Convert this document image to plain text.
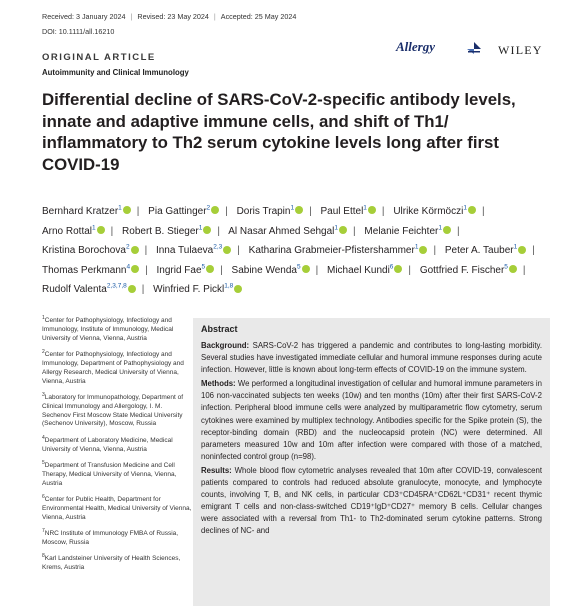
Received: 3 January 2024 | Revised: 23 May 2024 | Accepted: 25 May 2024
DOI: 10.1111/all.16210
ORIGINAL ARTICLE
Autoimmunity and Clinical Immunology
Allergy	WILEY
Differential decline of SARS-CoV-2-specific antibody levels, innate and adaptive immune cells, and shift of Th1/ inflammatory to Th2 serum cytokine levels long after first COVID-19
Bernhard Kratzer$^1$ | Pia Gattinger$^2$ | Doris Trapin$^1$ | Paul Ettel$^1$ | Ulrike Körmöczi$^1$ | Arno Rottal$^1$ | Robert B. Stieger$^1$ | Al Nasar Ahmed Sehgal$^1$ | Melanie Feichter$^1$ | Kristina Borochova$^2$ | Inna Tulaeva$^{2,3}$ | Katharina Grabmeier-Pfistershammer$^1$ | Peter A. Tauber$^1$ | Thomas Perkmann$^4$ | Ingrid Fae$^5$ | Sabine Wenda$^5$ | Michael Kundi$^6$ | Gottfried F. Fischer$^5$ | Rudolf Valenta$^{2,3,7,8}$ | Winfried F. Pickl$^{1,8}$
$^1$Center for Pathophysiology, Infectiology and Immunology, Institute of Immunology, Medical University of Vienna, Vienna, Austria
$^2$Center for Pathophysiology, Infectiology and Immunology, Department of Pathophysiology and Allergy Research, Medical University of Vienna, Vienna, Austria
$^3$Laboratory for Immunopathology, Department of Clinical Immunology and Allergology, I. M. Sechenov First Moscow State Medical University (Sechenov University), Moscow, Russia
$^4$Department of Laboratory Medicine, Medical University of Vienna, Vienna, Austria
$^5$Department of Transfusion Medicine and Cell Therapy, Medical University of Vienna, Vienna, Austria
$^6$Center for Public Health, Department for Environmental Health, Medical University of Vienna, Vienna, Austria
$^7$NRC Institute of Immunology FMBA of Russia, Moscow, Russia
$^8$Karl Landsteiner University of Health Sciences, Krems, Austria
Abstract

Background: SARS-CoV-2 has triggered a pandemic and contributes to long-lasting morbidity. Several studies have investigated immediate cellular and humoral immune responses during acute infection. However, little is known about long-term effects of COVID-19 on the immune system.

Methods: We performed a longitudinal investigation of cellular and humoral immune parameters in 106 non-vaccinated subjects ten weeks (10w) and ten months (10m) after their first SARS-CoV-2 infection. Peripheral blood immune cells were analyzed by multiparametric flow cytometry, serum cytokines were examined by multiplex technology. Antibodies specific for the Spike protein (S), the receptor-binding domain (RBD) and the nucleocapsid protein (NC) were determined. All parameters measured 10w and 10m after infection were compared with those of a matched, noninfected control group (n=98).

Results: Whole blood flow cytometric analyses revealed that 10m after COVID-19, convalescent patients compared to controls had reduced absolute granulocyte, monocyte, and lymphocyte counts, involving T, B, and NK cells, in particular CD3⁺CD45RA⁺CD62L⁺CD31⁺ recent thymic emigrant T cells and non-class-switched CD19⁺IgD⁺CD27⁺ memory B cells. Cellular changes were associated with a reversal from Th1- to Th2-dominated serum cytokine patterns. Strong declines of NC- and
